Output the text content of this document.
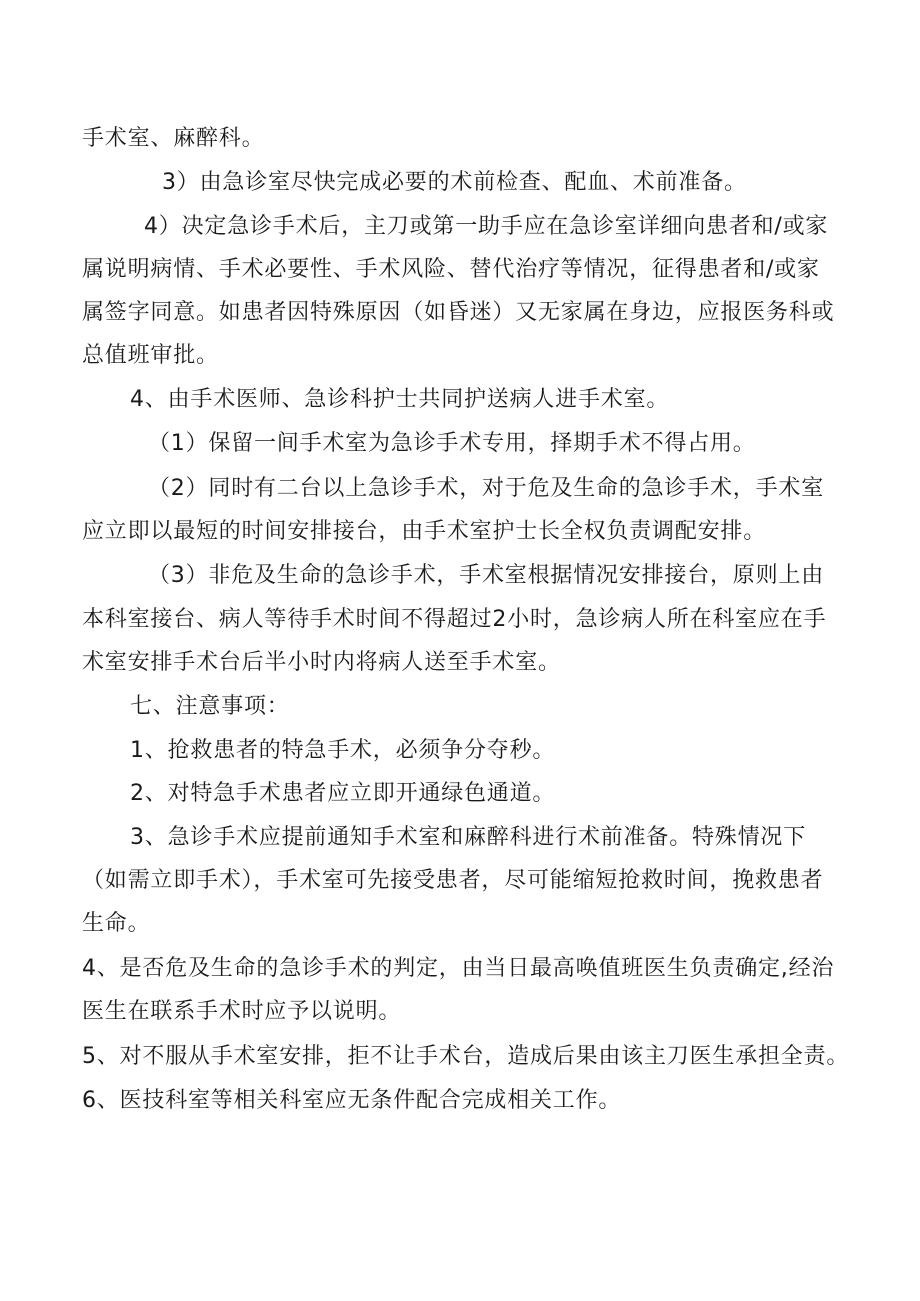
手术室、麻醉科。
3）由急诊室尽快完成必要的术前检查、配血、术前准备。
4）决定急诊手术后，主刀或第一助手应在急诊室详细向患者和/或家
属说明病情、手术必要性、手术风险、替代治疗等情况，征得患者和/或家
属签字同意。如患者因特殊原因（如昏迷）又无家属在身边，应报医务科或
总值班审批。
4、由手术医师、急诊科护士共同护送病人进手术室。
（1）保留一间手术室为急诊手术专用，择期手术不得占用。
（2）同时有二台以上急诊手术，对于危及生命的急诊手术，手术室
应立即以最短的时间安排接台，由手术室护士长全权负责调配安排。
（3）非危及生命的急诊手术，手术室根据情况安排接台，原则上由
本科室接台、病人等待手术时间不得超过2小时，急诊病人所在科室应在手
术室安排手术台后半小时内将病人送至手术室。
七、注意事项：
1、抢救患者的特急手术，必须争分夺秒。
2、对特急手术患者应立即开通绿色通道。
3、急诊手术应提前通知手术室和麻醉科进行术前准备。特殊情况下
（如需立即手术），手术室可先接受患者，尽可能缩短抢救时间，挽救患者
生命。
4、是否危及生命的急诊手术的判定，由当日最高唤值班医生负责确定,经治
医生在联系手术时应予以说明。
5、对不服从手术室安排，拒不让手术台，造成后果由该主刀医生承担全责。
6、医技科室等相关科室应无条件配合完成相关工作。
